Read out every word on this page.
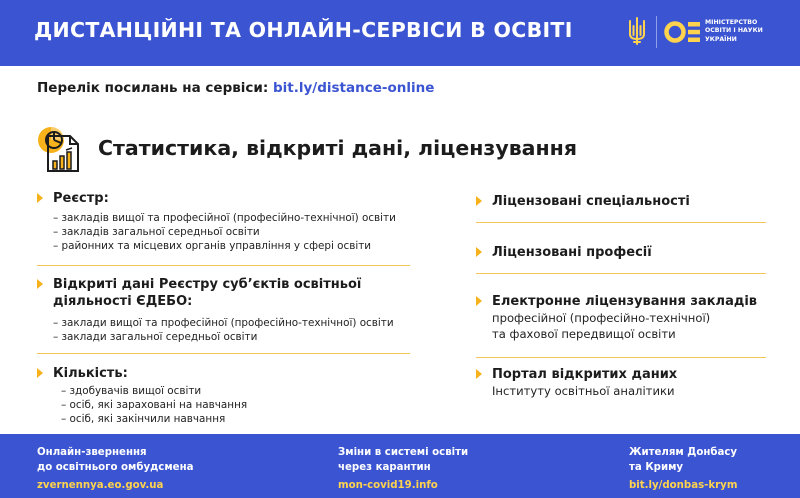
ДИСТАНЦІЙНІ ТА ОНЛАЙН-СЕРВІСИ В ОСВІТІ	МІНІСТЕРСТВО
ОСВІТИ І НАУКИ
УКРАЇНИ
Перелік посилань на сервіси: bit.ly/distance-online
Статистика, відкриті дані, ліцензування
Реєстр:
– закладів вищої та професійної (професійно-технічної) освіти
– закладів загальної середньої освіти
– районних та місцевих органів управління у сфері освіти
Відкриті дані Реєстру суб’єктів освітньої
діяльності ЄДЕБО:
– заклади вищої та професійної (професійно-технічної) освіти
– заклади загальної середньої освіти
Кількість:
– здобувачів вищої освіти
– осіб, які зараховані на навчання
– осіб, які закінчили навчання
Ліцензовані спеціальності
Ліцензовані професії
Електронне ліцензування закладів
професійної (професійно-технічної)
та фахової передвищої освіти
Портал відкритих даних
Інституту освітньої аналітики
Онлайн-звернення
до освітнього омбудсмена
zvernennya.eo.gov.ua
Зміни в системі освіти
через карантин
mon-covid19.info
Жителям Донбасу
та Криму
bit.ly/donbas-krym
